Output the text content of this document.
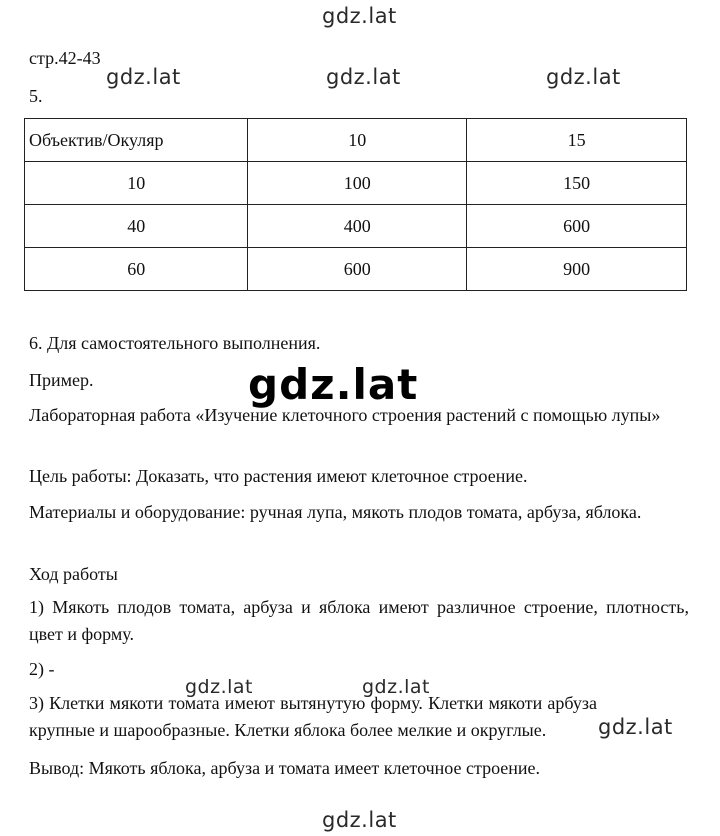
gdz.lat
gdz.lat	gdz.lat	gdz.lat
gdz.lat
gdz.lat	gdz.lat
gdz.lat
gdz.lat
стр.42-43
5.
Объектив/Окуляр	10	15
10	100	150
40	400	600
60	600	900
6. Для самостоятельного выполнения.
Пример.
Лабораторная работа «Изучение клеточного строения растений с помощью лупы»
Цель работы: Доказать, что растения имеют клеточное строение.
Материалы и оборудование: ручная лупа, мякоть плодов томата, арбуза, яблока.
Ход работы
1) Мякоть плодов томата, арбуза и яблока имеют различное строение, плотность, цвет и форму.
2) -
3) Клетки мякоти томата имеют вытянутую форму. Клетки мякоти арбуза крупные и шарообразные. Клетки яблока более мелкие и округлые.
Вывод: Мякоть яблока, арбуза и томата имеет клеточное строение.
